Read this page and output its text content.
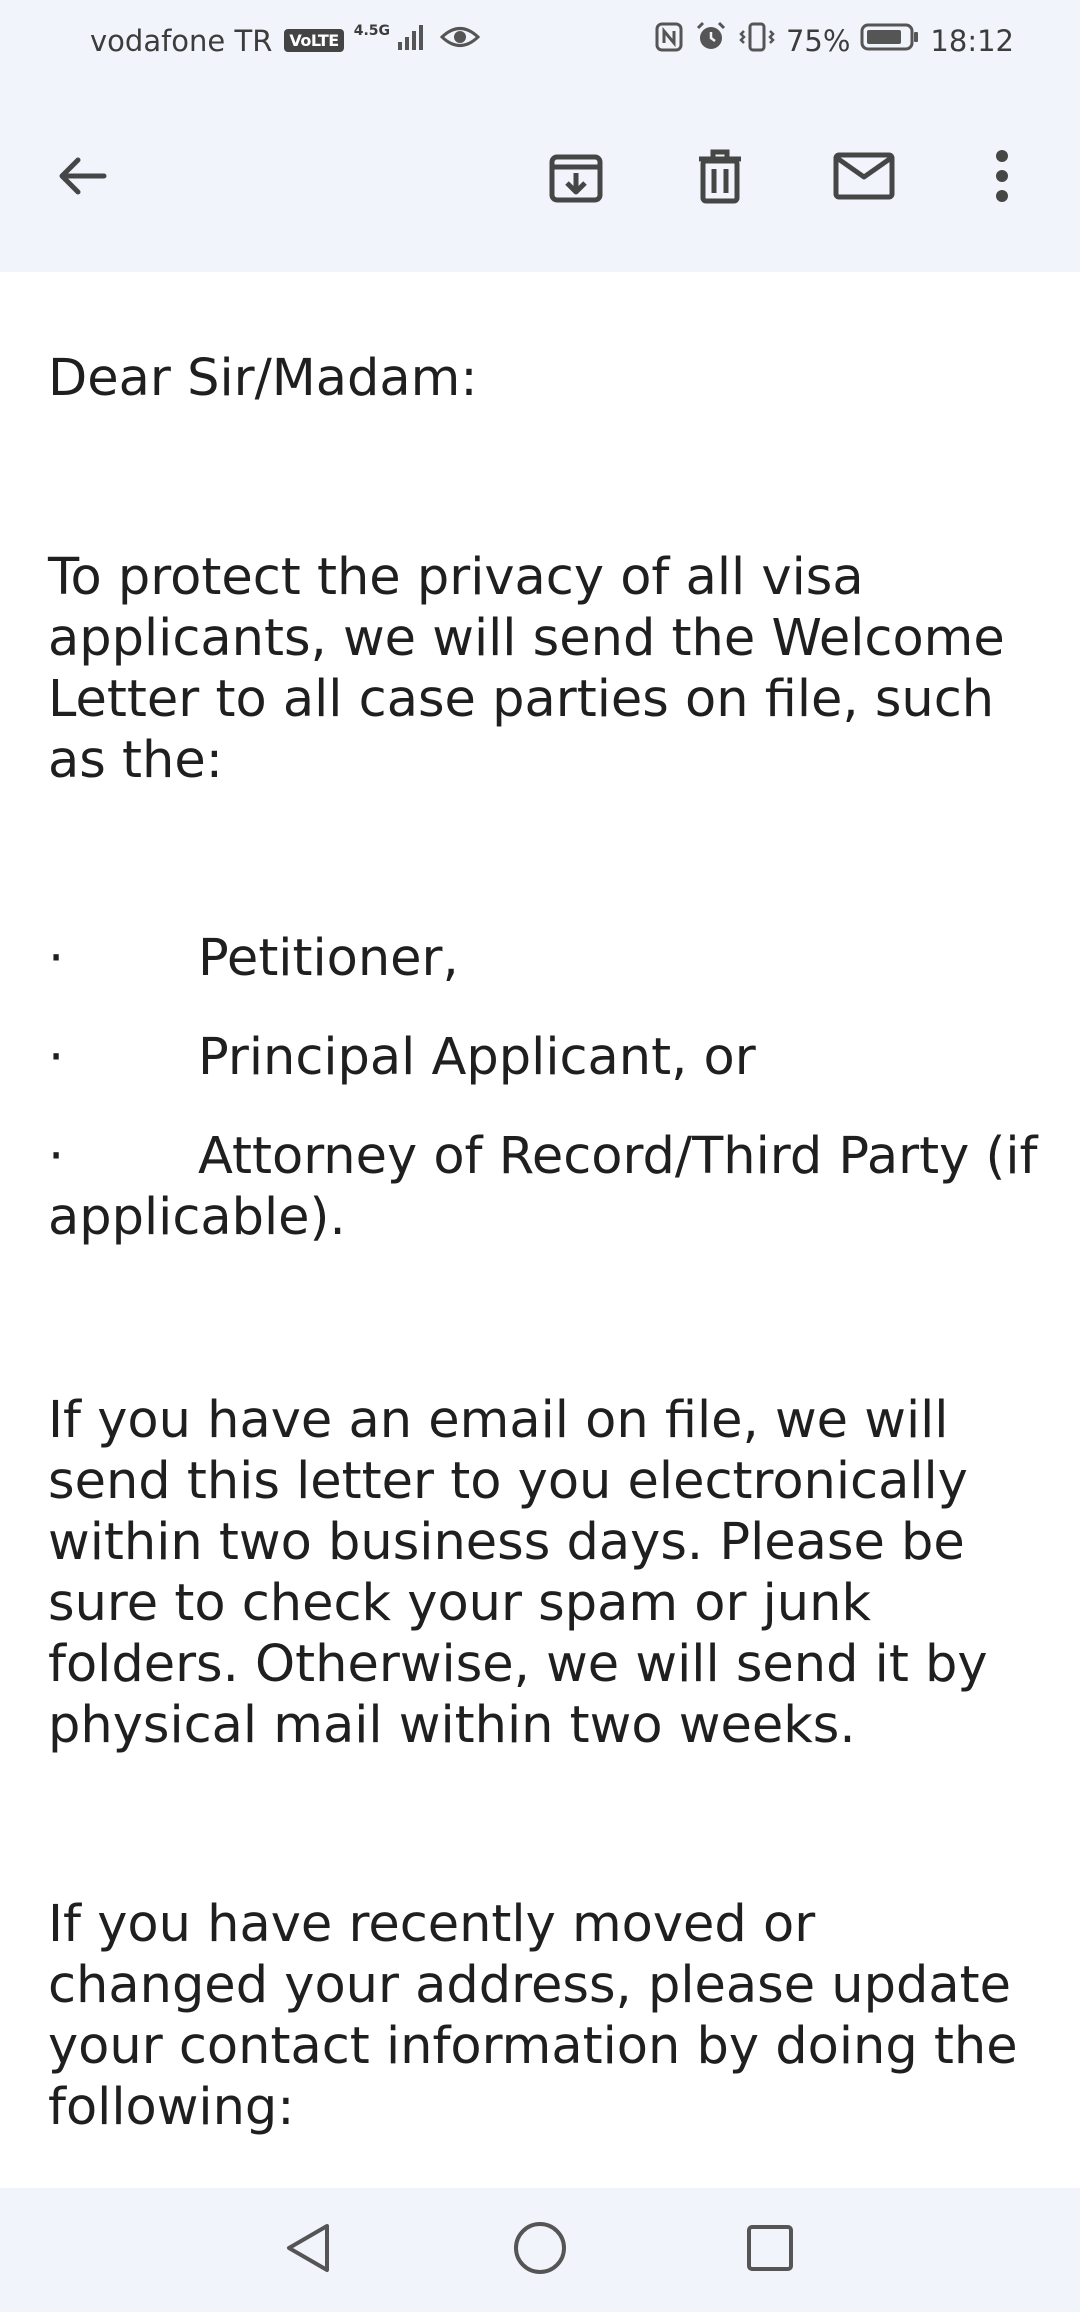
vodafone TR	VoLTE
4.5G	75%	18:12

Dear Sir/Madam:

To protect the privacy of all visa applicants, we will send the Welcome Letter to all case parties on file, such as the:

·	Petitioner,
·	Principal Applicant, or
·	Attorney of Record/Third Party (if
applicable).

If you have an email on file, we will send this letter to you electronically within two business days. Please be sure to check your spam or junk folders. Otherwise, we will send it by physical mail within two weeks.

If you have recently moved or changed your address, please update your contact information by doing the following:
